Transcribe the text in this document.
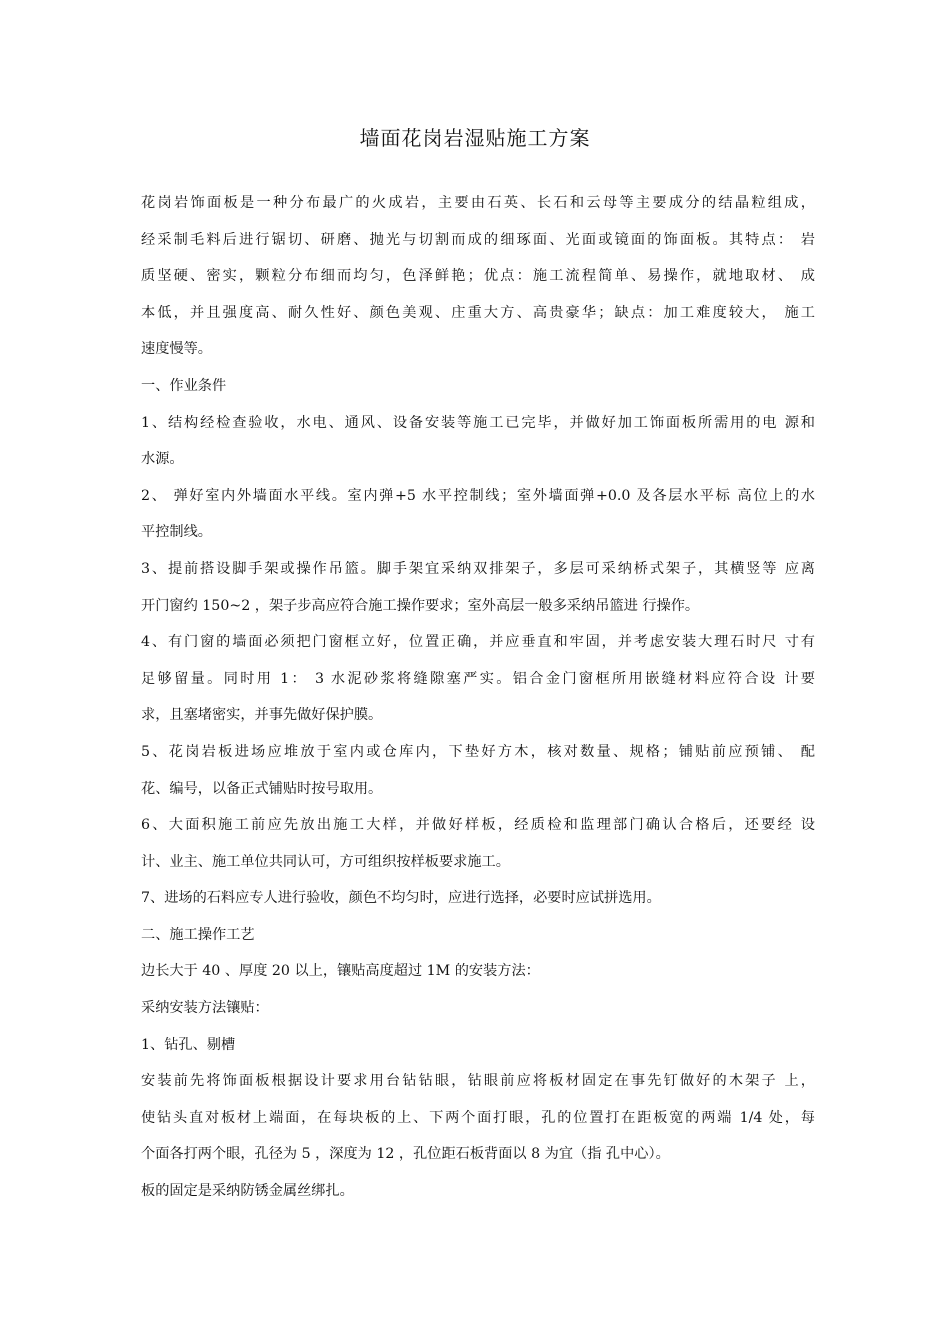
墙面花岗岩湿贴施工方案
花岗岩饰面板是一种分布最广的火成岩，主要由石英、长石和云母等主要成分的结晶粒组成，
经采制毛料后进行锯切、研磨、抛光与切割而成的细琢面、光面或镜面的饰面板。其特点： 岩
质坚硬、密实，颗粒分布细而均匀，色泽鲜艳；优点：施工流程简单、易操作，就地取材、 成
本低，并且强度高、耐久性好、颜色美观、庄重大方、高贵豪华；缺点：加工难度较大， 施工
速度慢等。
一、作业条件
1、结构经检查验收，水电、通风、设备安装等施工已完毕，并做好加工饰面板所需用的电 源和
水源。
2、 弹好室内外墙面水平线。室内弹+5 水平控制线；室外墙面弹+0.0 及各层水平标 高位上的水
平控制线。
3、提前搭设脚手架或操作吊篮。脚手架宜采纳双排架子，多层可采纳桥式架子，其横竖等 应离
开门窗约 150~2 ，架子步高应符合施工操作要求；室外高层一般多采纳吊篮进 行操作。
4、有门窗的墙面必须把门窗框立好，位置正确，并应垂直和牢固，并考虑安装大理石时尺 寸有
足够留量。同时用 1： 3 水泥砂浆将缝隙塞严实。铝合金门窗框所用嵌缝材料应符合设 计要
求，且塞堵密实，并事先做好保护膜。
5、花岗岩板进场应堆放于室内或仓库内，下垫好方木，核对数量、规格；铺贴前应预铺、 配
花、编号，以备正式铺贴时按号取用。
6、大面积施工前应先放出施工大样，并做好样板，经质检和监理部门确认合格后，还要经 设
计、业主、施工单位共同认可，方可组织按样板要求施工。
7、进场的石料应专人进行验收，颜色不均匀时，应进行选择，必要时应试拼选用。
二、施工操作工艺
边长大于 40 、厚度 20 以上，镶贴高度超过 1M 的安装方法：
采纳安装方法镶贴：
1、钻孔、剔槽
安装前先将饰面板根据设计要求用台钻钻眼，钻眼前应将板材固定在事先钉做好的木架子 上，
使钻头直对板材上端面，在每块板的上、下两个面打眼，孔的位置打在距板宽的两端 1/4 处，每
个面各打两个眼，孔径为 5 ，深度为 12 ，孔位距石板背面以 8 为宜（指 孔中心）。
板的固定是采纳防锈金属丝绑扎。
